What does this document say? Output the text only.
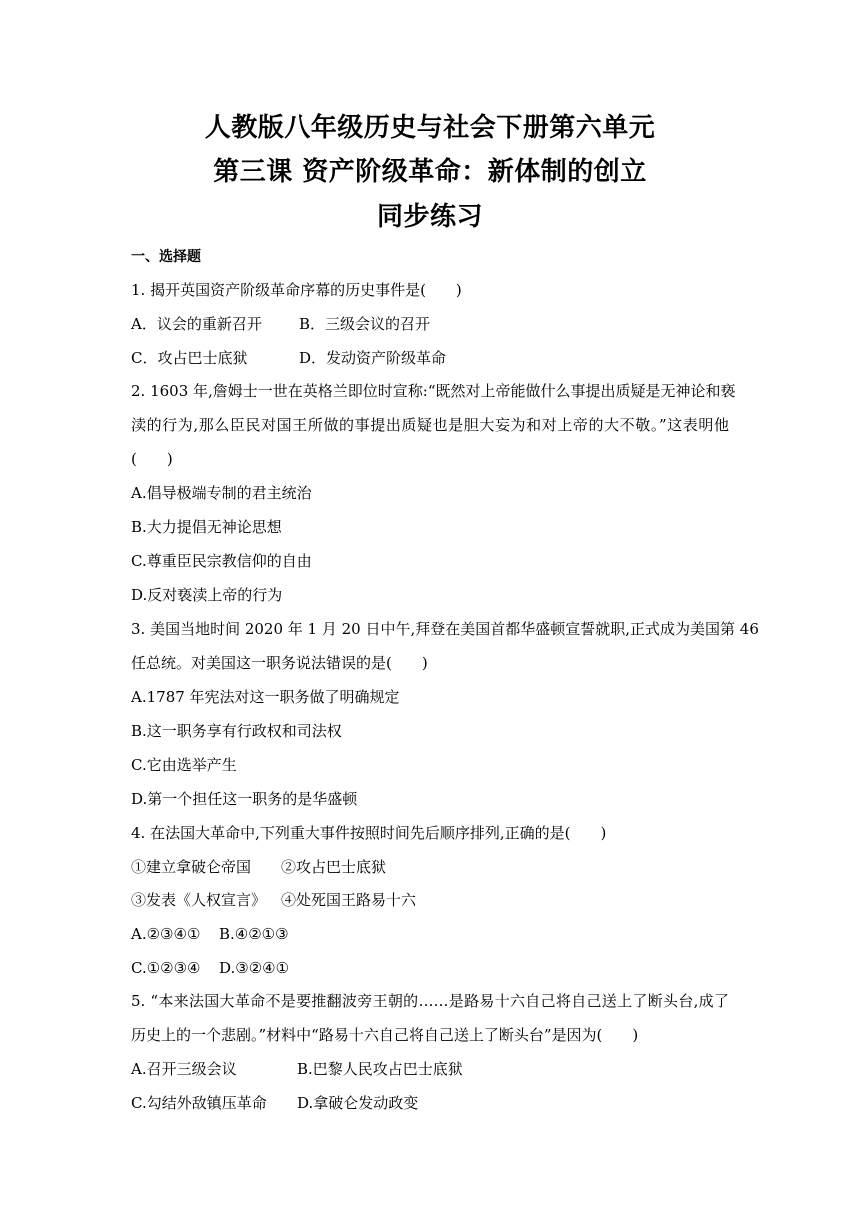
人教版八年级历史与社会下册第六单元
第三课 资产阶级革命：新体制的创立
同步练习
一、选择题
1. 揭开英国资产阶级革命序幕的历史事件是(　　)
A．议会的重新召开 B．三级会议的召开
C．攻占巴士底狱	D．发动资产阶级革命
2. 1603 年,詹姆士一世在英格兰即位时宣称:“既然对上帝能做什么事提出质疑是无神论和亵
渎的行为,那么臣民对国王所做的事提出质疑也是胆大妄为和对上帝的大不敬。”这表明他
(　　)
A.倡导极端专制的君主统治
B.大力提倡无神论思想
C.尊重臣民宗教信仰的自由
D.反对亵渎上帝的行为
3. 美国当地时间 2020 年 1 月 20 日中午,拜登在美国首都华盛顿宣誓就职,正式成为美国第 46
任总统。对美国这一职务说法错误的是(　　)
A.1787 年宪法对这一职务做了明确规定
B.这一职务享有行政权和司法权
C.它由选举产生
D.第一个担任这一职务的是华盛顿
4. 在法国大革命中,下列重大事件按照时间先后顺序排列,正确的是(　　)
①建立拿破仑帝国 ②攻占巴士底狱
③发表《人权宣言》 ④处死国王路易十六
A.②③④① B.④②①③
C.①②③④ D.③②④①
5. “本来法国大革命不是要推翻波旁王朝的……是路易十六自己将自己送上了断头台,成了
历史上的一个悲剧。”材料中“路易十六自己将自己送上了断头台”是因为(　　)
A.召开三级会议	B.巴黎人民攻占巴士底狱
C.勾结外敌镇压革命 D.拿破仑发动政变
